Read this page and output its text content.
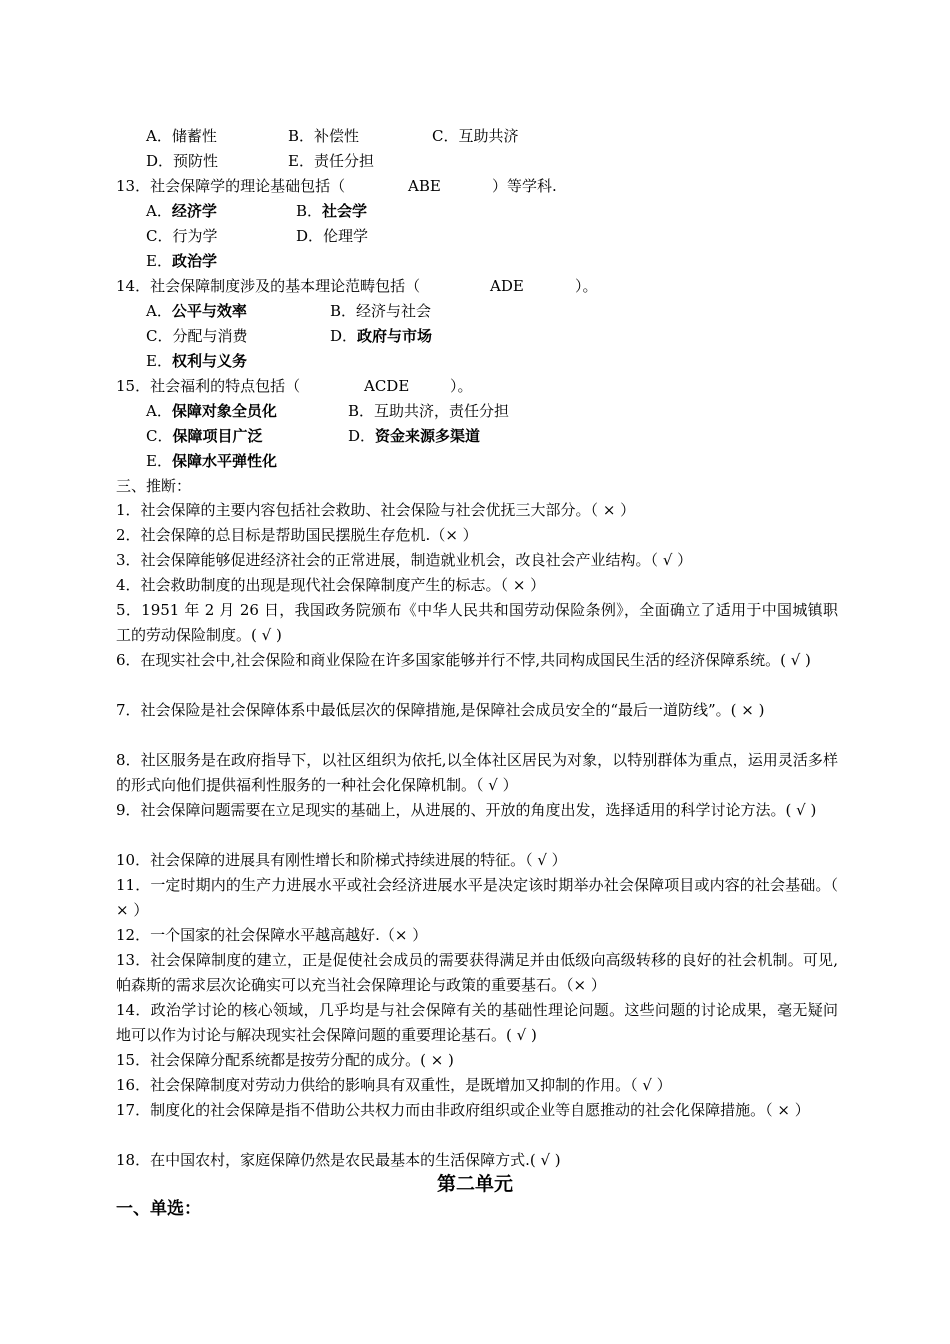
A．储蓄性	B．补偿性	C．互助共济
D．预防性	E．责任分担
13．社会保障学的理论基础包括（	ABE	）等学科.
A．经济学	B．社会学
C．行为学	D．伦理学
E．政治学
14．社会保障制度涉及的基本理论范畴包括（	ADE	）。
A．公平与效率	B．经济与社会
C．分配与消费	D．政府与市场
E．权利与义务
15．社会福利的特点包括（	ACDE	）。
A．保障对象全员化	B．互助共济，责任分担
C．保障项目广泛	D．资金来源多渠道
E．保障水平弹性化
三、推断：
1．社会保障的主要内容包括社会救助、社会保险与社会优抚三大部分。（ × ）
2．社会保障的总目标是帮助国民摆脱生存危机.（× ）
3．社会保障能够促进经济社会的正常进展，制造就业机会，改良社会产业结构。（ √ ）
4．社会救助制度的出现是现代社会保障制度产生的标志。（ × ）
5．1951 年 2 月 26 日，我国政务院颁布《中华人民共和国劳动保险条例》，全面确立了适用于中国城镇职工的劳动保险制度。( √ )
6．在现实社会中,社会保险和商业保险在许多国家能够并行不悖,共同构成国民生活的经济保障系统。( √ )
7．社会保险是社会保障体系中最低层次的保障措施,是保障社会成员安全的“最后一道防线”。( × )
8．社区服务是在政府指导下，以社区组织为依托,以全体社区居民为对象，以特别群体为重点，运用灵活多样的形式向他们提供福利性服务的一种社会化保障机制。（ √ ）
9．社会保障问题需要在立足现实的基础上，从进展的、开放的角度出发，选择适用的科学讨论方法。( √ )
10．社会保障的进展具有刚性增长和阶梯式持续进展的特征。（ √ ）
11．一定时期内的生产力进展水平或社会经济进展水平是决定该时期举办社会保障项目或内容的社会基础。（ × ）
12．一个国家的社会保障水平越高越好.（× ）
13．社会保障制度的建立，正是促使社会成员的需要获得满足并由低级向高级转移的良好的社会机制。可见,帕森斯的需求层次论确实可以充当社会保障理论与政策的重要基石。（× ）
14．政治学讨论的核心领域，几乎均是与社会保障有关的基础性理论问题。这些问题的讨论成果，毫无疑问地可以作为讨论与解决现实社会保障问题的重要理论基石。( √ )
15．社会保障分配系统都是按劳分配的成分。( × )
16．社会保障制度对劳动力供给的影响具有双重性，是既增加又抑制的作用。（ √ ）
17．制度化的社会保障是指不借助公共权力而由非政府组织或企业等自愿推动的社会化保障措施。（ × ）
18．在中国农村，家庭保障仍然是农民最基本的生活保障方式.( √ )
第二单元
一、单选：
